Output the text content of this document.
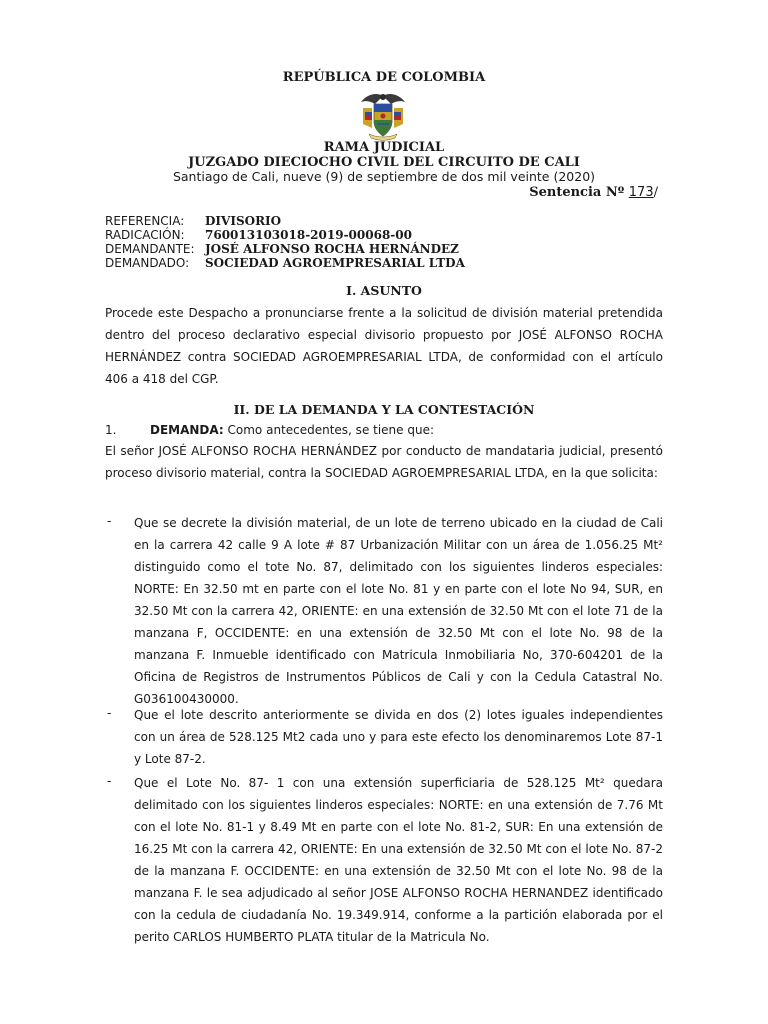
REPÚBLICA DE COLOMBIA
RAMA JUDICIAL
JUZGADO DIECIOCHO CIVIL DEL CIRCUITO DE CALI
Santiago de Cali, nueve (9) de septiembre de dos mil veinte (2020)
Sentencia Nº 173/
REFERENCIA: DIVISORIO
RADICACIÓN: 760013103018-2019-00068-00
DEMANDANTE: JOSÉ ALFONSO ROCHA HERNÁNDEZ
DEMANDADO: SOCIEDAD AGROEMPRESARIAL LTDA
I. ASUNTO
Procede este Despacho a pronunciarse frente a la solicitud de división material pretendida dentro del proceso declarativo especial divisorio propuesto por JOSÉ ALFONSO ROCHA HERNÁNDEZ contra SOCIEDAD AGROEMPRESARIAL LTDA, de conformidad con el artículo 406 a 418 del CGP.
II. DE LA DEMANDA Y LA CONTESTACIÓN
1.	DEMANDA: Como antecedentes, se tiene que:
El señor JOSÉ ALFONSO ROCHA HERNÁNDEZ por conducto de mandataria judicial, presentó proceso divisorio material, contra la SOCIEDAD AGROEMPRESARIAL LTDA, en la que solicita:
- Que se decrete la división material, de un lote de terreno ubicado en la ciudad de Cali en la carrera 42 calle 9 A lote # 87 Urbanización Militar con un área de 1.056.25 Mt² distinguido como el tote No. 87, delimitado con los siguientes linderos especiales: NORTE: En 32.50 mt en parte con el lote No. 81 y en parte con el lote No 94, SUR, en 32.50 Mt con la carrera 42, ORIENTE: en una extensión de 32.50 Mt con el lote 71 de la manzana F, OCCIDENTE: en una extensión de 32.50 Mt con el lote No. 98 de la manzana F. Inmueble identificado con Matricula Inmobiliaria No, 370-604201 de la Oficina de Registros de Instrumentos Públicos de Cali y con la Cedula Catastral No. G036100430000.
- Que el lote descrito anteriormente se divida en dos (2) lotes iguales independientes con un área de 528.125 Mt2 cada uno y para este efecto los denominaremos Lote 87-1 y Lote 87-2.
- Que el Lote No. 87- 1 con una extensión superficiaria de 528.125 Mt² quedara delimitado con los siguientes linderos especiales: NORTE: en una extensión de 7.76 Mt con el lote No. 81-1 y 8.49 Mt en parte con el lote No. 81-2, SUR: En una extensión de 16.25 Mt con la carrera 42, ORIENTE: En una extensión de 32.50 Mt con el lote No. 87-2 de la manzana F. OCCIDENTE: en una extensión de 32.50 Mt con el lote No. 98 de la manzana F. le sea adjudicado al señor JOSE ALFONSO ROCHA HERNANDEZ identificado con la cedula de ciudadanía No. 19.349.914, conforme a la partición elaborada por el perito CARLOS HUMBERTO PLATA titular de la Matricula No.
